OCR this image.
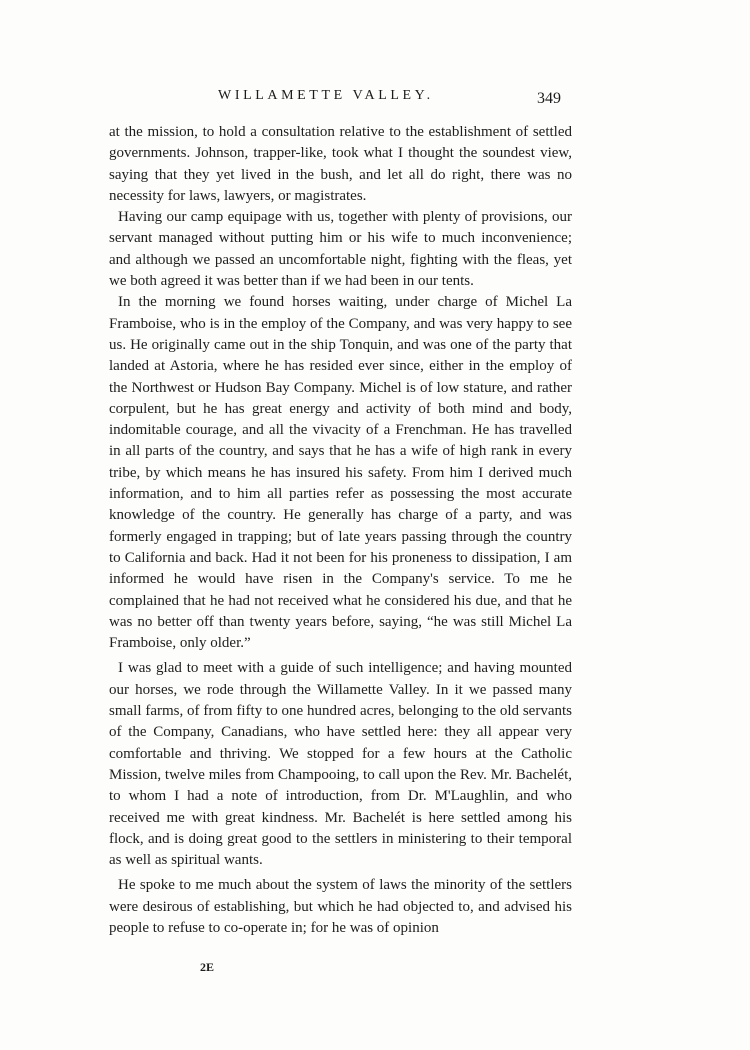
WILLAMETTE VALLEY.	349

at the mission, to hold a consultation relative to the establishment of settled governments. Johnson, trapper-like, took what I thought the soundest view, saying that they yet lived in the bush, and let all do right, there was no necessity for laws, lawyers, or magistrates.

Having our camp equipage with us, together with plenty of provisions, our servant managed without putting him or his wife to much inconvenience; and although we passed an uncomfortable night, fighting with the fleas, yet we both agreed it was better than if we had been in our tents.

In the morning we found horses waiting, under charge of Michel La Framboise, who is in the employ of the Company, and was very happy to see us. He originally came out in the ship Tonquin, and was one of the party that landed at Astoria, where he has resided ever since, either in the employ of the Northwest or Hudson Bay Company. Michel is of low stature, and rather corpulent, but he has great energy and activity of both mind and body, indomitable courage, and all the vivacity of a Frenchman. He has travelled in all parts of the country, and says that he has a wife of high rank in every tribe, by which means he has insured his safety. From him I derived much information, and to him all parties refer as possessing the most accurate knowledge of the country. He generally has charge of a party, and was formerly engaged in trapping; but of late years passing through the country to California and back. Had it not been for his proneness to dissipation, I am informed he would have risen in the Company's service. To me he complained that he had not received what he considered his due, and that he was no better off than twenty years before, saying, “he was still Michel La Framboise, only older.”

I was glad to meet with a guide of such intelligence; and having mounted our horses, we rode through the Willamette Valley. In it we passed many small farms, of from fifty to one hundred acres, belonging to the old servants of the Company, Canadians, who have settled here: they all appear very comfortable and thriving. We stopped for a few hours at the Catholic Mission, twelve miles from Champooing, to call upon the Rev. Mr. Bachelét, to whom I had a note of introduction, from Dr. M'Laughlin, and who received me with great kindness. Mr. Bachelét is here settled among his flock, and is doing great good to the settlers in ministering to their temporal as well as spiritual wants.

He spoke to me much about the system of laws the minority of the settlers were desirous of establishing, but which he had objected to, and advised his people to refuse to co-operate in; for he was of opinion

2E
